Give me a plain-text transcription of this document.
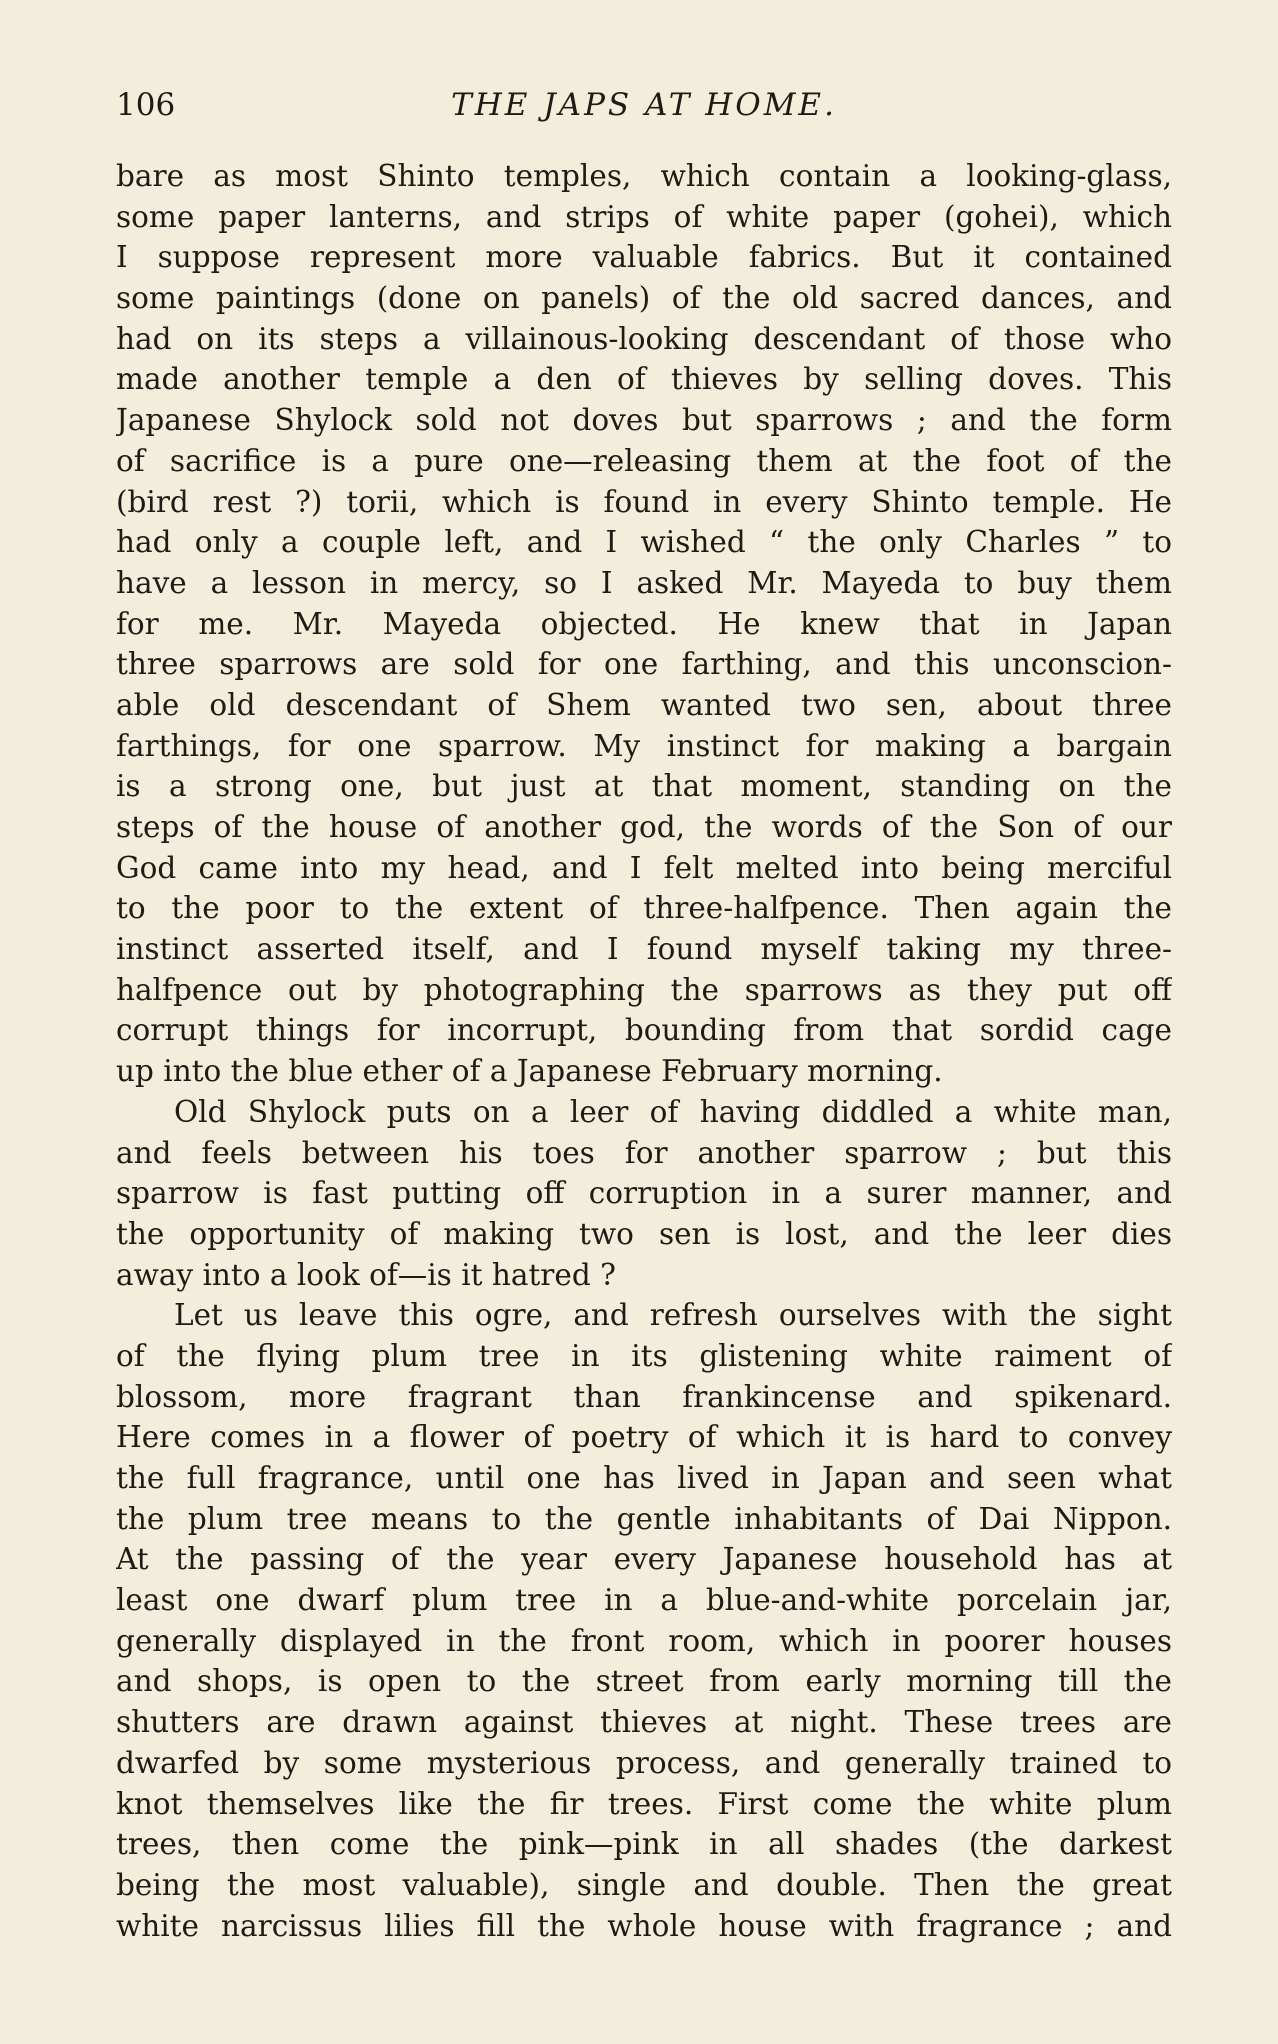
106	THE JAPS AT HOME.
bare as most Shinto temples, which contain a looking-glass,
some paper lanterns, and strips of white paper (gohei), which
I suppose represent more valuable fabrics. But it contained
some paintings (done on panels) of the old sacred dances, and
had on its steps a villainous-looking descendant of those who
made another temple a den of thieves by selling doves. This
Japanese Shylock sold not doves but sparrows ; and the form
of sacrifice is a pure one—releasing them at the foot of the
(bird rest ?) torii, which is found in every Shinto temple. He
had only a couple left, and I wished “ the only Charles ” to
have a lesson in mercy, so I asked Mr. Mayeda to buy them
for me. Mr. Mayeda objected. He knew that in Japan
three sparrows are sold for one farthing, and this unconscion-
able old descendant of Shem wanted two sen, about three
farthings, for one sparrow. My instinct for making a bargain
is a strong one, but just at that moment, standing on the
steps of the house of another god, the words of the Son of our
God came into my head, and I felt melted into being merciful
to the poor to the extent of three-halfpence. Then again the
instinct asserted itself, and I found myself taking my three-
halfpence out by photographing the sparrows as they put off
corrupt things for incorrupt, bounding from that sordid cage
up into the blue ether of a Japanese February morning.
Old Shylock puts on a leer of having diddled a white man,
and feels between his toes for another sparrow ; but this
sparrow is fast putting off corruption in a surer manner, and
the opportunity of making two sen is lost, and the leer dies
away into a look of—is it hatred ?
Let us leave this ogre, and refresh ourselves with the sight
of the flying plum tree in its glistening white raiment of
blossom, more fragrant than frankincense and spikenard.
Here comes in a flower of poetry of which it is hard to convey
the full fragrance, until one has lived in Japan and seen what
the plum tree means to the gentle inhabitants of Dai Nippon.
At the passing of the year every Japanese household has at
least one dwarf plum tree in a blue-and-white porcelain jar,
generally displayed in the front room, which in poorer houses
and shops, is open to the street from early morning till the
shutters are drawn against thieves at night. These trees are
dwarfed by some mysterious process, and generally trained to
knot themselves like the fir trees. First come the white plum
trees, then come the pink—pink in all shades (the darkest
being the most valuable), single and double. Then the great
white narcissus lilies fill the whole house with fragrance ; and
